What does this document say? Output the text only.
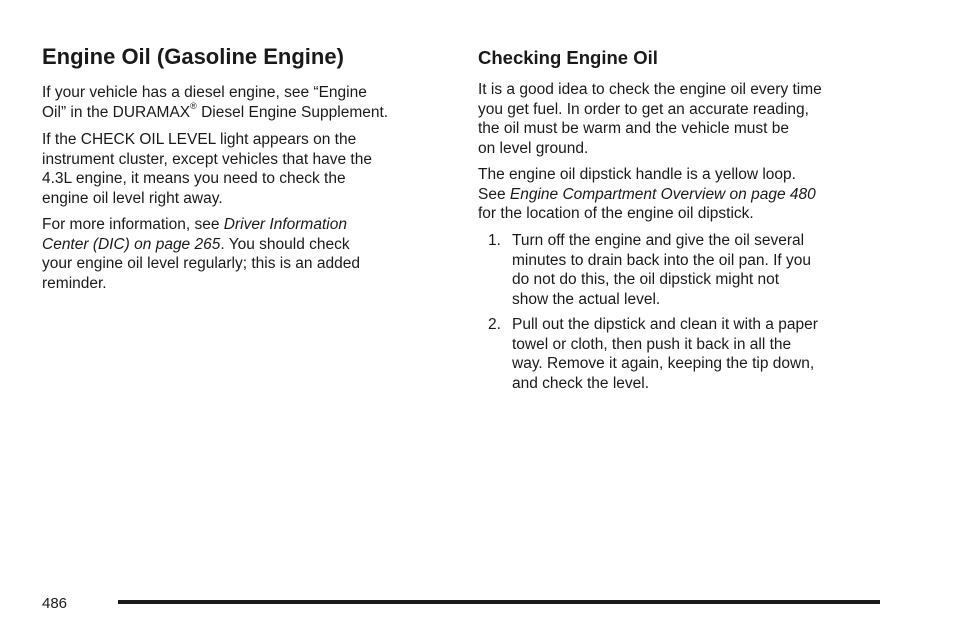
Engine Oil (Gasoline Engine)
If your vehicle has a diesel engine, see “Engine
Oil” in the DURAMAX® Diesel Engine Supplement.
If the CHECK OIL LEVEL light appears on the
instrument cluster, except vehicles that have the
4.3L engine, it means you need to check the
engine oil level right away.
For more information, see Driver Information
Center (DIC) on page 265. You should check
your engine oil level regularly; this is an added
reminder.
Checking Engine Oil
It is a good idea to check the engine oil every time
you get fuel. In order to get an accurate reading,
the oil must be warm and the vehicle must be
on level ground.
The engine oil dipstick handle is a yellow loop.
See Engine Compartment Overview on page 480
for the location of the engine oil dipstick.
1. Turn off the engine and give the oil several
minutes to drain back into the oil pan. If you
do not do this, the oil dipstick might not
show the actual level.
2. Pull out the dipstick and clean it with a paper
towel or cloth, then push it back in all the
way. Remove it again, keeping the tip down,
and check the level.
486
